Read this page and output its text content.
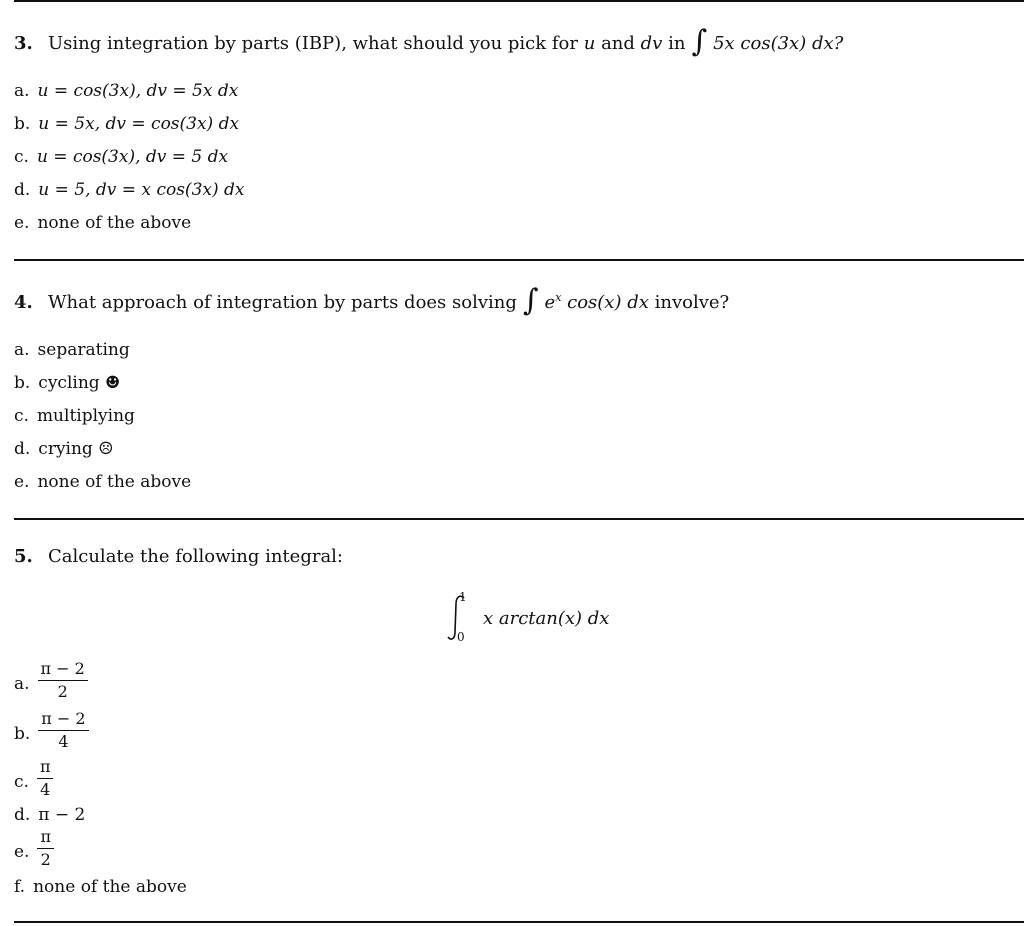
3. Using integration by parts (IBP), what should you pick for
u
and
dv
in ∫ 5x cos(3x) dx?
a. u = cos(3x), dv = 5x dx
b. u = 5x, dv = cos(3x) dx
c. u = cos(3x), dv = 5 dx
d. u = 5, dv = x cos(3x) dx
e. none of the above
4. What approach of integration by parts does solving ∫ $e^x$ cos(x) dx
involve?
a. separating
b. cycling ☻
c. multiplying
d. crying ☹
e. none of the above
5. Calculate the following integral:
1
0
x arctan(x) dx
a. $\frac{\pi - 2}{2}$
b. $\frac{\pi - 2}{4}$
c. $\frac{\pi}{4}$
d. π − 2
e. $\frac{\pi}{2}$
f. none of the above
